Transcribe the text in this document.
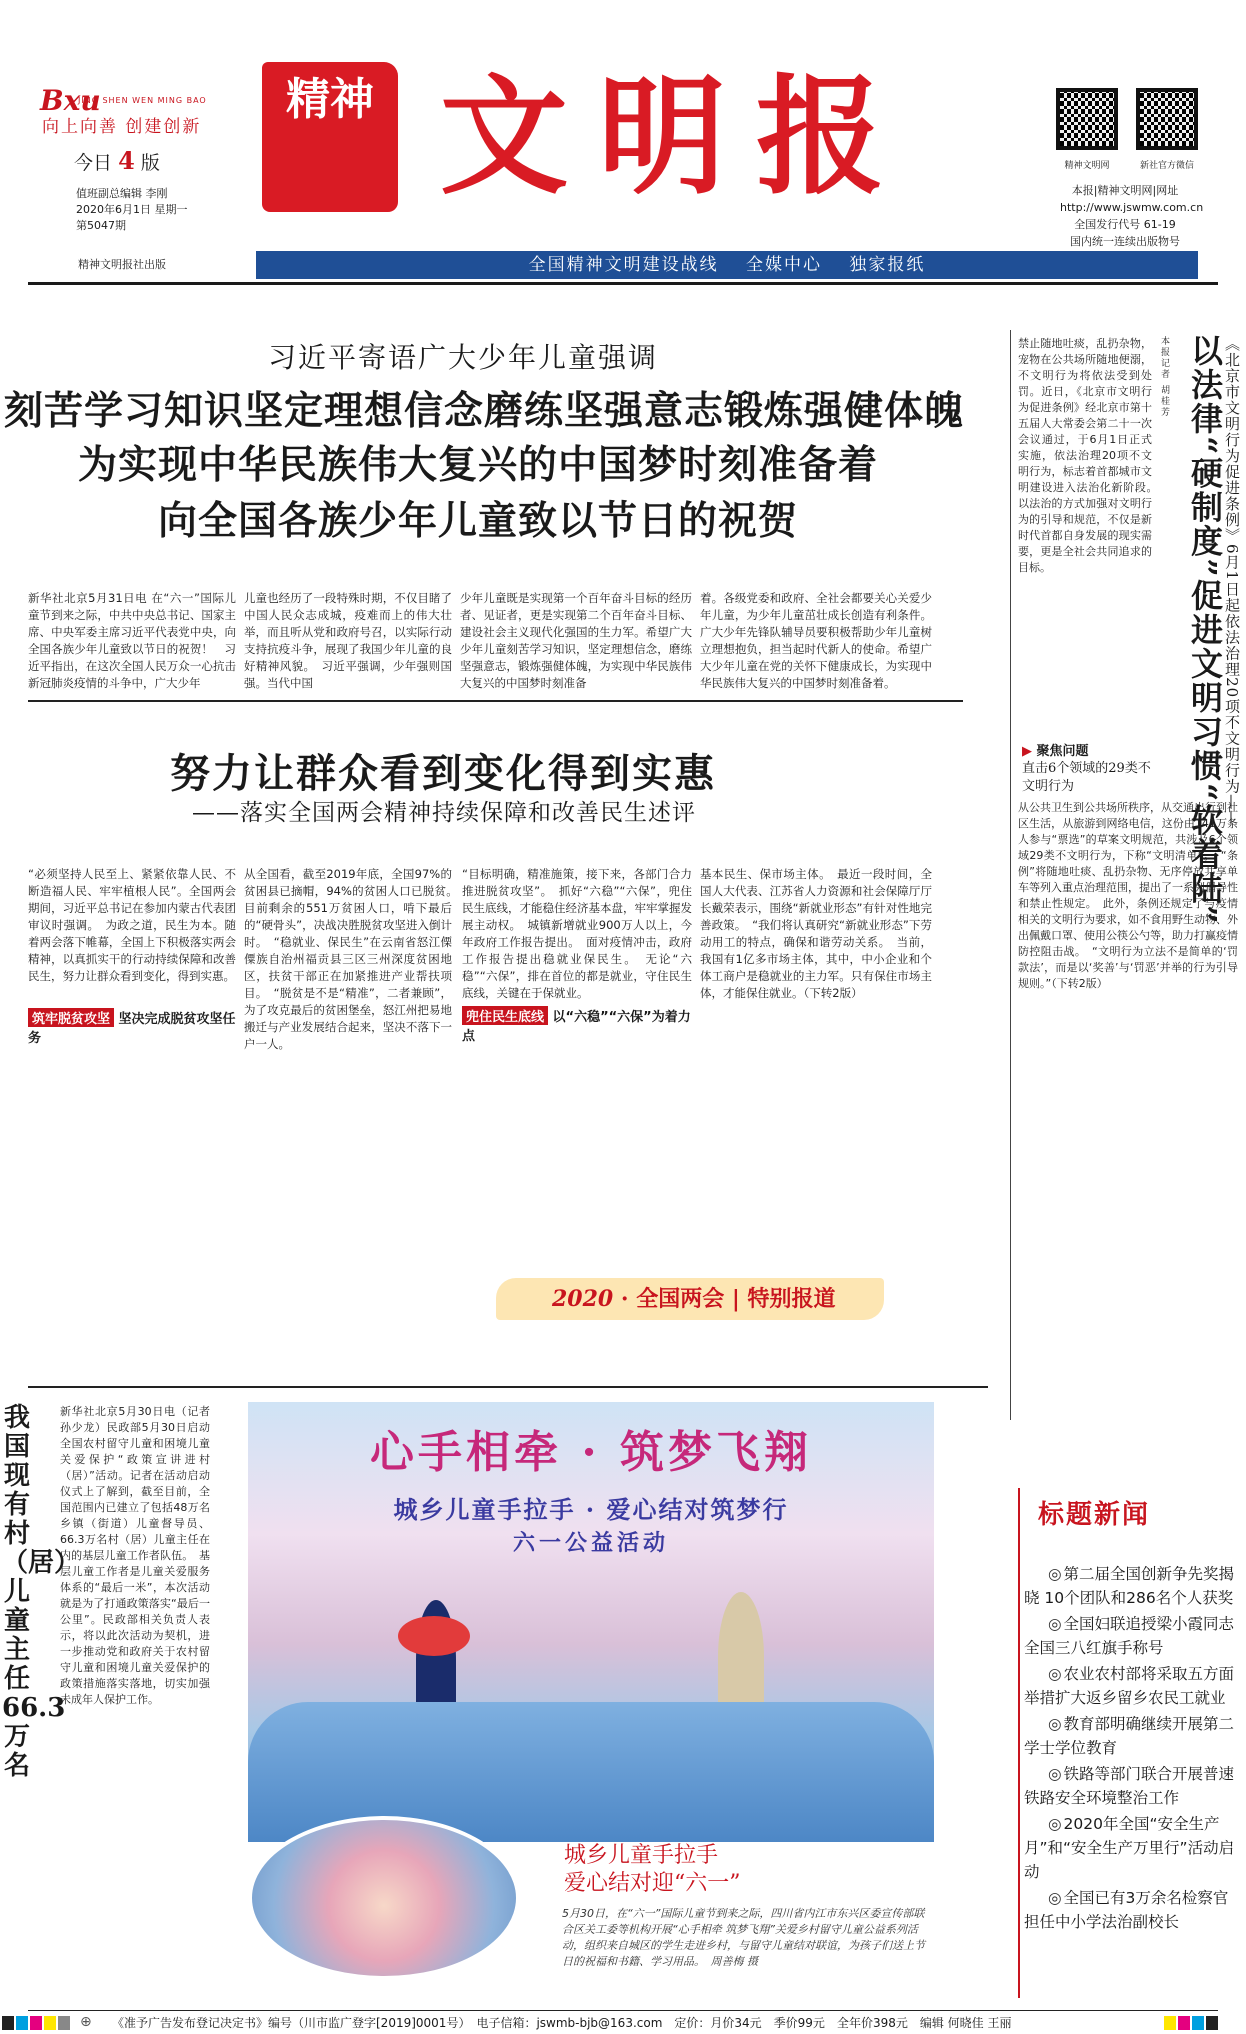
Bxu
JING SHEN WEN MING BAO
向上向善 创建创新
今日 4 版
值班副总编辑 李刚
2020年6月1日 星期一
第5047期
精神文明报社出版
精神 文明报	精神文明网	新社官方微信
本报|精神文明网|网址
http://www.jswmw.com.cn
全国发行代号 61-19
国内统一连续出版物号
全国精神文明建设战线 全媒中心 独家报纸
习近平寄语广大少年儿童强调
刻苦学习知识坚定理想信念磨练坚强意志锻炼强健体魄
为实现中华民族伟大复兴的中国梦时刻准备着
向全国各族少年儿童致以节日的祝贺
新华社北京5月31日电 在“六一”国际儿童节到来之际，中共中央总书记、国家主席、中央军委主席习近平代表党中央，向全国各族少年儿童致以节日的祝贺！　习近平指出，在这次全国人民万众一心抗击新冠肺炎疫情的斗争中，广大少年
儿童也经历了一段特殊时期，不仅目睹了中国人民众志成城，疫难而上的伟大壮举，而且听从党和政府号召，以实际行动支持抗疫斗争，展现了我国少年儿童的良好精神风貌。　习近平强调，少年强则国强。当代中国
少年儿童既是实现第一个百年奋斗目标的经历者、见证者，更是实现第二个百年奋斗目标、建设社会主义现代化强国的生力军。希望广大少年儿童刻苦学习知识，坚定理想信念，磨练坚强意志，锻炼强健体魄，为实现中华民族伟大复兴的中国梦时刻准备
着。各级党委和政府、全社会都要关心关爱少年儿童，为少年儿童茁壮成长创造有利条件。广大少年先锋队辅导员要积极帮助少年儿童树立理想抱负，担当起时代新人的使命。希望广大少年儿童在党的关怀下健康成长，为实现中华民族伟大复兴的中国梦时刻准备着。
努力让群众看到变化得到实惠
——落实全国两会精神持续保障和改善民生述评
“必须坚持人民至上、紧紧依靠人民、不断造福人民、牢牢植根人民”。全国两会期间，习近平总书记在参加内蒙古代表团审议时强调。　为政之道，民生为本。随着两会落下帷幕，全国上下积极落实两会精神，以真抓实干的行动持续保障和改善民生，努力让群众看到变化，得到实惠。
筑牢脱贫攻坚 坚决完成脱贫攻坚任务
从全国看，截至2019年底，全国97%的贫困县已摘帽，94%的贫困人口已脱贫。　目前剩余的551万贫困人口，啃下最后的“硬骨头”，决战决胜脱贫攻坚进入倒计时。　“稳就业、保民生”在云南省怒江傈僳族自治州福贡县三区三州深度贫困地区，扶贫干部正在加紧推进产业帮扶项目。　“脱贫是不是“精准”，二者兼顾”，为了攻克最后的贫困堡垒，怒江州把易地搬迁与产业发展结合起来，坚决不落下一户一人。
“目标明确，精准施策，接下来，各部门合力推进脱贫攻坚”。　抓好“六稳”“六保”，兜住民生底线，才能稳住经济基本盘，牢牢掌握发展主动权。　城镇新增就业900万人以上，今年政府工作报告提出。　面对疫情冲击，政府工作报告提出稳就业保民生。　无论“六稳”“六保”，排在首位的都是就业，守住民生底线，关键在于保就业。
兜住民生底线 以“六稳”“六保”为着力点
基本民生、保市场主体。　最近一段时间，全国人大代表、江苏省人力资源和社会保障厅厅长戴荣表示，围绕“新就业形态”有针对性地完善政策。　“我们将认真研究“新就业形态”下劳动用工的特点，确保和谐劳动关系。　当前，我国有1亿多市场主体，其中，中小企业和个体工商户是稳就业的主力军。只有保住市场主体，才能保住就业。（下转2版）
2020 · 全国两会 | 特别报道
以法律“硬制度”促进文明习惯“软着陆” 《北京市文明行为促进条例》6月1日起依法治理20项不文明行为——
本报记者 胡桂芳
禁止随地吐痰，乱扔杂物，宠物在公共场所随地便溺，不文明行为将依法受到处罚。近日，《北京市文明行为促进条例》经北京市第十五届人大常委会第二十一次会议通过，于6月1日正式实施，依法治理20项不文明行为，标志着首都城市文明建设进入法治化新阶段。　以法治的方式加强对文明行为的引导和规范，不仅是新时代首都自身发展的现实需要，更是全社会共同追求的目标。
▶ 聚焦问题
直击6个领域的29类不文明行为
从公共卫生到公共场所秩序，从交通出行到社区生活，从旅游到网络电信，这份由141万条人参与“票选”的草案文明规范，共涉及6个领域29类不文明行为，下称“文明清单”。　“条例”将随地吐痰、乱扔杂物、无序停放共享单车等列入重点治理范围，提出了一系列倡导性和禁止性规定。　此外，条例还规定了与疫情相关的文明行为要求，如不食用野生动物、外出佩戴口罩、使用公筷公勺等，助力打赢疫情防控阻击战。　“文明行为立法不是简单的‘罚款法’，而是以‘奖善’与‘罚恶’并举的行为引导规则。”（下转2版）
我国现有村（居）儿童主任66.3万名
新华社北京5月30日电（记者 孙少龙）民政部5月30日启动全国农村留守儿童和困境儿童关爱保护“政策宣讲进村（居）”活动。记者在活动启动仪式上了解到，截至目前，全国范围内已建立了包括48万名乡镇（街道）儿童督导员、66.3万名村（居）儿童主任在内的基层儿童工作者队伍。　基层儿童工作者是儿童关爱服务体系的“最后一米”，本次活动就是为了打通政策落实“最后一公里”。民政部相关负责人表示，将以此次活动为契机，进一步推动党和政府关于农村留守儿童和困境儿童关爱保护的政策措施落实落地，切实加强未成年人保护工作。
心手相牵 · 筑梦飞翔
城乡儿童手拉手 · 爱心结对筑梦行
六一公益活动
城乡儿童手拉手
爱心结对迎“六一”
5月30日，在“六一”国际儿童节到来之际，四川省内江市东兴区委宣传部联合区关工委等机构开展“心手相牵 筑梦飞翔”关爱乡村留守儿童公益系列活动，组织来自城区的学生走进乡村，与留守儿童结对联谊，为孩子们送上节日的祝福和书籍、学习用品。　周善梅 摄
标题新闻
◎ 第二届全国创新争先奖揭晓 10个团队和286名个人获奖
◎ 全国妇联追授梁小霞同志全国三八红旗手称号
◎ 农业农村部将采取五方面举措扩大返乡留乡农民工就业
◎ 教育部明确继续开展第二学士学位教育
◎ 铁路等部门联合开展普速铁路安全环境整治工作
◎ 2020年全国“安全生产月”和“安全生产万里行”活动启动
◎ 全国已有3万余名检察官担任中小学法治副校长
⊕ 《准予广告发布登记决定书》编号（川市监广登字[2019]0001号）　电子信箱：jswmb-bjb@163.com　定价：月价34元　季价99元　全年价398元　编辑 何晓佳 王丽
